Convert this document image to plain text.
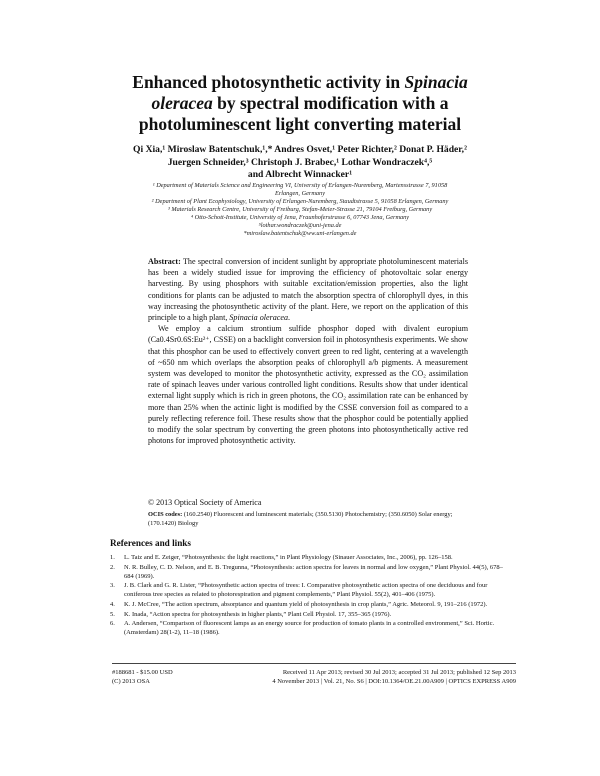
Enhanced photosynthetic activity in Spinacia
oleracea by spectral modification with a
photoluminescent light converting material
Qi Xia,¹ Miroslaw Batentschuk,¹,* Andres Osvet,¹ Peter Richter,² Donat P. Häder,²
Juergen Schneider,³ Christoph J. Brabec,¹ Lothar Wondraczek⁴,⁵
and Albrecht Winnacker¹
¹ Department of Materials Science and Engineering VI, University of Erlangen-Nuremberg, Martensstrasse 7, 91058
Erlangen, Germany
² Department of Plant Ecophysiology, University of Erlangen-Nuremberg, Staudtstrasse 5, 91058 Erlangen, Germany
³ Materials Research Centre, University of Freiburg, Stefan-Meier-Strasse 21, 79104 Freiburg, Germany
⁴ Otto-Schott-Institute, University of Jena, Fraunhoferstrasse 6, 07743 Jena, Germany
⁵lothar.wondraczek@uni-jena.de
*miroslaw.batentschuk@ww.uni-erlangen.de

Abstract: The spectral conversion of incident sunlight by appropriate photoluminescent materials has been a widely studied issue for improving the efficiency of photovoltaic solar energy harvesting. By using phosphors with suitable excitation/emission properties, also the light conditions for plants can be adjusted to match the absorption spectra of chlorophyll dyes, in this way increasing the photosynthetic activity of the plant. Here, we report on the application of this principle to a high plant, Spinacia oleracea.

We employ a calcium strontium sulfide phosphor doped with divalent europium (Ca0.4Sr0.6S:Eu²⁺, CSSE) on a backlight conversion foil in photosynthesis experiments. We show that this phosphor can be used to effectively convert green to red light, centering at a wavelength of ~650 nm which overlaps the absorption peaks of chlorophyll a/b pigments. A measurement system was developed to monitor the photosynthetic activity, expressed as the CO₂ assimilation rate of spinach leaves under various controlled light conditions. Results show that under identical external light supply which is rich in green photons, the CO₂ assimilation rate can be enhanced by more than 25% when the actinic light is modified by the CSSE conversion foil as compared to a purely reflecting reference foil. These results show that the phosphor could be potentially applied to modify the solar spectrum by converting the green photons into photosynthetically active red photons for improved photosynthetic activity.

© 2013 Optical Society of America
OCIS codes: (160.2540) Fluorescent and luminescent materials; (350.5130) Photochemistry; (350.6050) Solar energy; (170.1420) Biology
References and links
1.	L. Taiz and E. Zeiger, “Photosynthesis: the light reactions,” in Plant Physiology (Sinauer Associates, Inc., 2006), pp. 126–158.
2.	N. R. Bulley, C. D. Nelson, and E. B. Tregunna, “Photosynthesis: action spectra for leaves in normal and low oxygen,” Plant Physiol. 44(5), 678–684 (1969).
3.	J. B. Clark and G. R. Lister, “Photosynthetic action spectra of trees: I. Comparative photosynthetic action spectra of one deciduous and four coniferous tree species as related to photorespiration and pigment complements,” Plant Physiol. 55(2), 401–406 (1975).
4.	K. J. McCree, “The action spectrum, absorptance and quantum yield of photosynthesis in crop plants,” Agric. Meteorol. 9, 191–216 (1972).
5.	K. Inada, “Action spectra for photosynthesis in higher plants,” Plant Cell Physiol. 17, 355–365 (1976).
6.	A. Andersen, “Comparison of fluorescent lamps as an energy source for production of tomato plants in a controlled environment,” Sci. Hortic. (Amsterdam) 28(1-2), 11–18 (1986).
#188681 - $15.00 USD	Received 11 Apr 2013; revised 30 Jul 2013; accepted 31 Jul 2013; published 12 Sep 2013
(C) 2013 OSA	4 November 2013 | Vol. 21, No. S6 | DOI:10.1364/OE.21.00A909 | OPTICS EXPRESS A909
